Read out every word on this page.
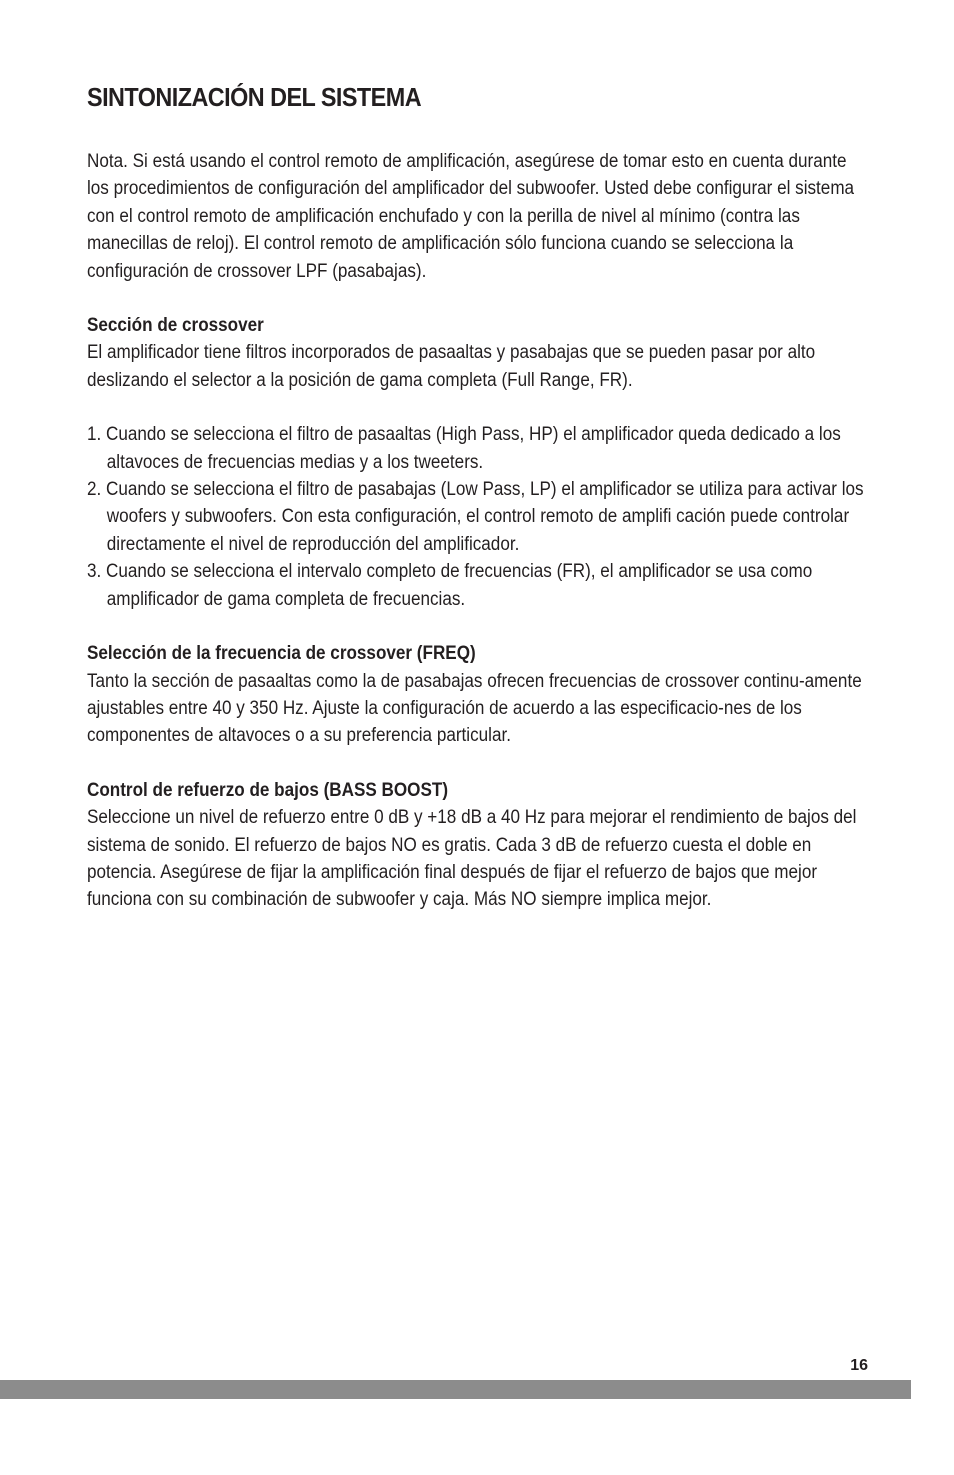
SINTONIZACIÓN DEL SISTEMA

Nota. Si está usando el control remoto de amplificación, asegúrese de tomar esto en cuenta durante los procedimientos de configuración del amplificador del subwoofer. Usted debe configurar el sistema con el control remoto de amplificación enchufado y con la perilla de nivel al mínimo (contra las manecillas de reloj). El control remoto de amplificación sólo funciona cuando se selecciona la configuración de crossover LPF (pasabajas).

Sección de crossover

El amplificador tiene filtros incorporados de pasaaltas y pasabajas que se pueden pasar por alto deslizando el selector a la posición de gama completa (Full Range, FR).

1. Cuando se selecciona el filtro de pasaaltas (High Pass, HP) el amplificador queda dedicado a los altavoces de frecuencias medias y a los tweeters.
2. Cuando se selecciona el filtro de pasabajas (Low Pass, LP) el amplificador se utiliza para activar los woofers y subwoofers. Con esta configuración, el control remoto de amplifi cación puede controlar directamente el nivel de reproducción del amplificador.
3. Cuando se selecciona el intervalo completo de frecuencias (FR), el amplificador se usa como amplificador de gama completa de frecuencias.
Selección de la frecuencia de crossover (FREQ)

Tanto la sección de pasaaltas como la de pasabajas ofrecen frecuencias de crossover continu-amente ajustables entre 40 y 350 Hz. Ajuste la configuración de acuerdo a las especificacio-nes de los componentes de altavoces o a su preferencia particular.

Control de refuerzo de bajos (BASS BOOST)

Seleccione un nivel de refuerzo entre 0 dB y +18 dB a 40 Hz para mejorar el rendimiento de bajos del sistema de sonido. El refuerzo de bajos NO es gratis. Cada 3 dB de refuerzo cuesta el doble en potencia. Asegúrese de fijar la amplificación final después de fijar el refuerzo de bajos que mejor funciona con su combinación de subwoofer y caja. Más NO siempre implica mejor.

16
